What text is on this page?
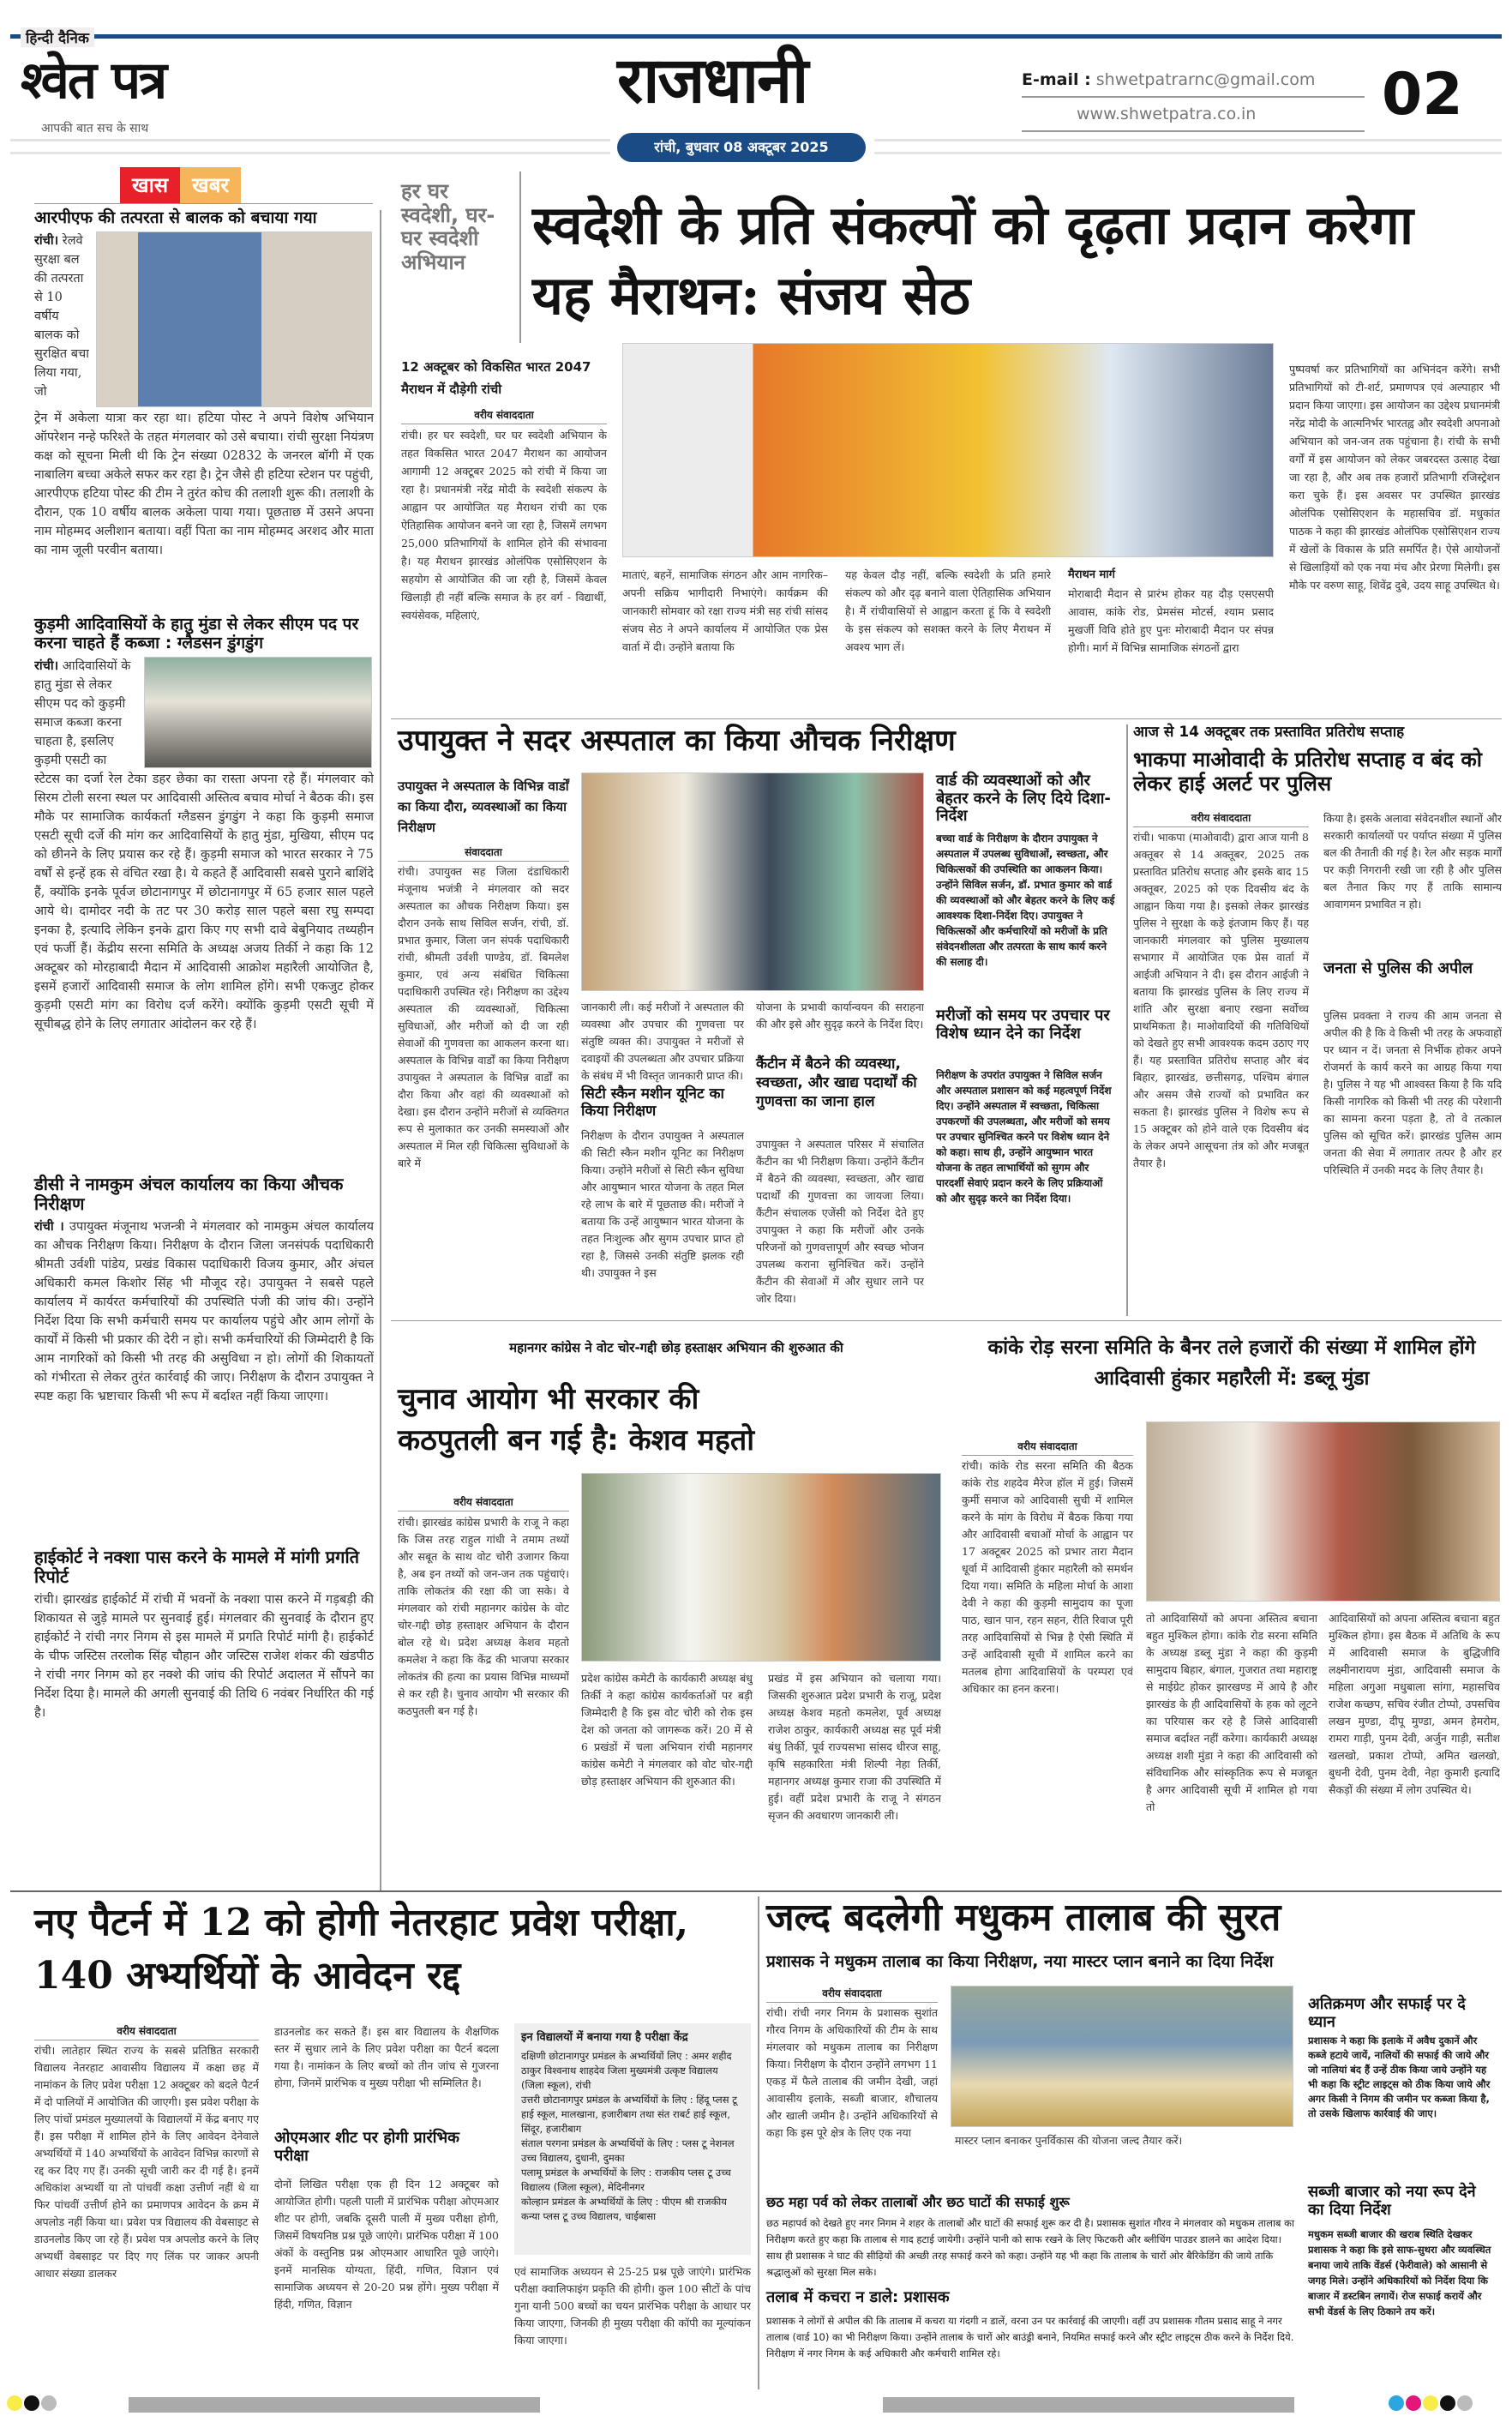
हिन्दी दैनिक
श्वेत पत्र
आपकी बात सच के साथ
राजधानी
रांची, बुधवार 08 अक्टूबर 2025
E-mail : shwetpatrarnc@gmail.com
www.shwetpatra.co.in 02
खास	खबर
आरपीएफ की तत्परता से बालक को बचाया गया
रांची। रेलवे सुरक्षा बल की तत्परता से 10 वर्षीय बालक को सुरक्षित बचा लिया गया, जो
ट्रेन में अकेला यात्रा कर रहा था। हटिया पोस्ट ने अपने विशेष अभियान ऑपरेशन नन्हे फरिश्ते के तहत मंगलवार को उसे बचाया। रांची सुरक्षा नियंत्रण कक्ष को सूचना मिली थी कि ट्रेन संख्या 02832 के जनरल बॉगी में एक नाबालिग बच्चा अकेले सफर कर रहा है। ट्रेन जैसे ही हटिया स्टेशन पर पहुंची, आरपीएफ हटिया पोस्ट की टीम ने तुरंत कोच की तलाशी शुरू की। तलाशी के दौरान, एक 10 वर्षीय बालक अकेला पाया गया। पूछताछ में उसने अपना नाम मोहम्मद अलीशान बताया। वहीं पिता का नाम मोहम्मद अरशद और माता का नाम जूली परवीन बताया।
कुड़मी आदिवासियों के हातु मुंडा से लेकर सीएम पद पर करना चाहते हैं कब्जा : ग्लैडसन डुंगडुंग
रांची। आदिवासियों के हातु मुंडा से लेकर सीएम पद को कुड़मी समाज कब्जा करना चाहता है, इसलिए कुड़मी एसटी का
स्टेटस का दर्जा रेल टेका डहर छेका का रास्ता अपना रहे हैं। मंगलवार को सिरम टोली सरना स्थल पर आदिवासी अस्तित्व बचाव मोर्चा ने बैठक की। इस मौके पर सामाजिक कार्यकर्ता ग्लैडसन डुंगडुंग ने कहा कि कुड़मी समाज एसटी सूची दर्जे की मांग कर आदिवासियों के हातु मुंडा, मुखिया, सीएम पद को छीनने के लिए प्रयास कर रहे हैं। कुड़मी समाज को भारत सरकार ने 75 वर्षों से इन्हें हक से वंचित रखा है। ये कहते हैं आदिवासी सबसे पुराने बाशिंदे हैं, क्योंकि इनके पूर्वज छोटानागपुर में छोटानागपुर में 65 हजार साल पहले आये थे। दामोदर नदी के तट पर 30 करोड़ साल पहले बसा रघु सम्पदा इनका है, इत्यादि लेकिन इनके द्वारा किए गए सभी दावे बेबुनियाद तथ्यहीन एवं फर्जी हैं। केंद्रीय सरना समिति के अध्यक्ष अजय तिर्की ने कहा कि 12 अक्टूबर को मोरहाबादी मैदान में आदिवासी आक्रोश महारैली आयोजित है, इसमें हजारों आदिवासी समाज के लोग शामिल होंगे। सभी एकजुट होकर कुड़मी एसटी मांग का विरोध दर्ज करेंगे। क्योंकि कुड़मी एसटी सूची में सूचीबद्ध होने के लिए लगातार आंदोलन कर रहे हैं।
डीसी ने नामकुम अंचल कार्यालय का किया औचक निरीक्षण
रांची । उपायुक्त मंजूनाथ भजन्त्री ने मंगलवार को नामकुम अंचल कार्यालय का औचक निरीक्षण किया। निरीक्षण के दौरान जिला जनसंपर्क पदाधिकारी श्रीमती उर्वशी पांडेय, प्रखंड विकास पदाधिकारी विजय कुमार, और अंचल अधिकारी कमल किशोर सिंह भी मौजूद रहे। उपायुक्त ने सबसे पहले कार्यालय में कार्यरत कर्मचारियों की उपस्थिति पंजी की जांच की। उन्होंने निर्देश दिया कि सभी कर्मचारी समय पर कार्यालय पहुंचे और आम लोगों के कार्यों में किसी भी प्रकार की देरी न हो। सभी कर्मचारियों की जिम्मेदारी है कि आम नागरिकों को किसी भी तरह की असुविधा न हो। लोगों की शिकायतों को गंभीरता से लेकर तुरंत कार्रवाई की जाए। निरीक्षण के दौरान उपायुक्त ने स्पष्ट कहा कि भ्रष्टाचार किसी भी रूप में बर्दाश्त नहीं किया जाएगा।
हाईकोर्ट ने नक्शा पास करने के मामले में मांगी प्रगति रिपोर्ट
रांची। झारखंड हाईकोर्ट में रांची में भवनों के नक्शा पास करने में गड़बड़ी की शिकायत से जुड़े मामले पर सुनवाई हुई। मंगलवार की सुनवाई के दौरान हुए हाईकोर्ट ने रांची नगर निगम से इस मामले में प्रगति रिपोर्ट मांगी है। हाईकोर्ट के चीफ जस्टिस तरलोक सिंह चौहान और जस्टिस राजेश शंकर की खंडपीठ ने रांची नगर निगम को हर नक्शे की जांच की रिपोर्ट अदालत में सौंपने का निर्देश दिया है। मामले की अगली सुनवाई की तिथि 6 नवंबर निर्धारित की गई है।
हर घर स्वदेशी, घर- घर स्वदेशी अभियान
स्वदेशी के प्रति संकल्पों को दृढ़ता प्रदान करेगा यह मैराथन: संजय सेठ
12 अक्टूबर को विकसित भारत 2047 मैराथन में दौड़ेगी रांची
वरीय संवाददाता
रांची। हर घर स्वदेशी, घर घर स्वदेशी अभियान के तहत विकसित भारत 2047 मैराथन का आयोजन आगामी 12 अक्टूबर 2025 को रांची में किया जा रहा है। प्रधानमंत्री नरेंद्र मोदी के स्वदेशी संकल्प के आह्वान पर आयोजित यह मैराथन रांची का एक ऐतिहासिक आयोजन बनने जा रहा है, जिसमें लगभग 25,000 प्रतिभागियों के शामिल होने की संभावना है। यह मैराथन झारखंड ओलंपिक एसोसिएशन के सहयोग से आयोजित की जा रही है, जिसमें केवल खिलाड़ी ही नहीं बल्कि समाज के हर वर्ग - विद्यार्थी, स्वयंसेवक, महिलाएं,
माताएं, बहनें, सामाजिक संगठन और आम नागरिक–अपनी सक्रिय भागीदारी निभाएंगे। कार्यक्रम की जानकारी सोमवार को रक्षा राज्य मंत्री सह रांची सांसद संजय सेठ ने अपने कार्यालय में आयोजित एक प्रेस वार्ता में दी। उन्होंने बताया कि
यह केवल दौड़ नहीं, बल्कि स्वदेशी के प्रति हमारे संकल्प को और दृढ़ बनाने वाला ऐतिहासिक अभियान है। मैं रांचीवासियों से आह्वान करता हूं कि वे स्वदेशी के इस संकल्प को सशक्त करने के लिए मैराथन में अवश्य भाग लें।
मैराथन मार्ग
मोराबादी मैदान से प्रारंभ होकर यह दौड़ एसएसपी आवास, कांके रोड, प्रेमसंस मोटर्स, श्याम प्रसाद मुखर्जी विवि होते हुए पुनः मोराबादी मैदान पर संपन्न होगी। मार्ग में विभिन्न सामाजिक संगठनों द्वारा
पुष्पवर्षा कर प्रतिभागियों का अभिनंदन करेंगे। सभी प्रतिभागियों को टी-शर्ट, प्रमाणपत्र एवं अल्पाहार भी प्रदान किया जाएगा। इस आयोजन का उद्देश्य प्रधानमंत्री नरेंद्र मोदी के आत्मनिर्भर भारतह्व और स्वदेशी अपनाओ अभियान को जन-जन तक पहुंचाना है। रांची के सभी वर्गों में इस आयोजन को लेकर जबरदस्त उत्साह देखा जा रहा है, और अब तक हजारों प्रतिभागी रजिस्ट्रेशन करा चुके हैं। इस अवसर पर उपस्थित झारखंड ओलंपिक एसोसिएशन के महासचिव डॉ. मधुकांत पाठक ने कहा की झारखंड ओलंपिक एसोसिएशन राज्य में खेलों के विकास के प्रति समर्पित है। ऐसे आयोजनों से खिलाड़ियों को एक नया मंच और प्रेरणा मिलेगी। इस मौके पर वरुण साहू, शिवेंद्र दुबे, उदय साहू उपस्थित थे।
उपायुक्त ने सदर अस्पताल का किया औचक निरीक्षण
उपायुक्त ने अस्पताल के विभिन्न वार्डों का किया दौरा, व्यवस्थाओं का किया निरीक्षण
संवाददाता
रांची। उपायुक्त सह जिला दंडाधिकारी मंजूनाथ भजंत्री ने मंगलवार को सदर अस्पताल का औचक निरीक्षण किया। इस दौरान उनके साथ सिविल सर्जन, रांची, डॉ. प्रभात कुमार, जिला जन संपर्क पदाधिकारी रांची, श्रीमती उर्वशी पाण्डेय, डॉ. बिमलेश कुमार, एवं अन्य संबंधित चिकित्सा पदाधिकारी उपस्थित रहे। निरीक्षण का उद्देश्य अस्पताल की व्यवस्थाओं, चिकित्सा सुविधाओं, और मरीजों को दी जा रही सेवाओं की गुणवत्ता का आकलन करना था। अस्पताल के विभिन्न वार्डों का किया निरीक्षण उपायुक्त ने अस्पताल के विभिन्न वार्डों का दौरा किया और वहां की व्यवस्थाओं को देखा। इस दौरान उन्होंने मरीजों से व्यक्तिगत रूप से मुलाकात कर उनकी समस्याओं और अस्पताल में मिल रही चिकित्सा सुविधाओं के बारे में
जानकारी ली। कई मरीजों ने अस्पताल की व्यवस्था और उपचार की गुणवत्ता पर संतुष्टि व्यक्त की। उपायुक्त ने मरीजों से दवाइयों की उपलब्धता और उपचार प्रक्रिया के संबंध में भी विस्तृत जानकारी प्राप्त की।
सिटी स्कैन मशीन यूनिट का किया निरीक्षण
निरीक्षण के दौरान उपायुक्त ने अस्पताल की सिटी स्कैन मशीन यूनिट का निरीक्षण किया। उन्होंने मरीजों से सिटी स्कैन सुविधा और आयुष्मान भारत योजना के तहत मिल रहे लाभ के बारे में पूछताछ की। मरीजों ने बताया कि उन्हें आयुष्मान भारत योजना के तहत निःशुल्क और सुगम उपचार प्राप्त हो रहा है, जिससे उनकी संतुष्टि झलक रही थी। उपायुक्त ने इस
योजना के प्रभावी कार्यान्वयन की सराहना की और इसे और सुदृढ़ करने के निर्देश दिए।
कैंटीन में बैठने की व्यवस्था, स्वच्छता, और खाद्य पदार्थों की गुणवत्ता का जाना हाल
उपायुक्त ने अस्पताल परिसर में संचालित कैंटीन का भी निरीक्षण किया। उन्होंने कैंटीन में बैठने की व्यवस्था, स्वच्छता, और खाद्य पदार्थों की गुणवत्ता का जायजा लिया। कैंटीन संचालक एजेंसी को निर्देश देते हुए उपायुक्त ने कहा कि मरीजों और उनके परिजनों को गुणवत्तापूर्ण और स्वच्छ भोजन उपलब्ध कराना सुनिश्चित करें। उन्होंने कैंटीन की सेवाओं में और सुधार लाने पर जोर दिया।
वार्ड की व्यवस्थाओं को और बेहतर करने के लिए दिये दिशा-निर्देश
बच्चा वार्ड के निरीक्षण के दौरान उपायुक्त ने अस्पताल में उपलब्ध सुविधाओं, स्वच्छता, और चिकित्सकों की उपस्थिति का आकलन किया। उन्होंने सिविल सर्जन, डॉ. प्रभात कुमार को वार्ड की व्यवस्थाओं को और बेहतर करने के लिए कई आवश्यक दिशा-निर्देश दिए। उपायुक्त ने चिकित्सकों और कर्मचारियों को मरीजों के प्रति संवेदनशीलता और तत्परता के साथ कार्य करने की सलाह दी।
मरीजों को समय पर उपचार पर विशेष ध्यान देने का निर्देश
निरीक्षण के उपरांत उपायुक्त ने सिविल सर्जन और अस्पताल प्रशासन को कई महत्वपूर्ण निर्देश दिए। उन्होंने अस्पताल में स्वच्छता, चिकित्सा उपकरणों की उपलब्धता, और मरीजों को समय पर उपचार सुनिश्चित करने पर विशेष ध्यान देने को कहा। साथ ही, उन्होंने आयुष्मान भारत योजना के तहत लाभार्थियों को सुगम और पारदर्शी सेवाएं प्रदान करने के लिए प्रक्रियाओं को और सुदृढ़ करने का निर्देश दिया।
आज से 14 अक्टूबर तक प्रस्तावित प्रतिरोध सप्ताह
भाकपा माओवादी के प्रतिरोध सप्ताह व बंद को लेकर हाई अलर्ट पर पुलिस
वरीय संवाददाता
रांची। भाकपा (माओवादी) द्वारा आज यानी 8 अक्तूबर से 14 अक्तूबर, 2025 तक प्रस्तावित प्रतिरोध सप्ताह और इसके बाद 15 अक्तूबर, 2025 को एक दिवसीय बंद के आह्वान किया गया है। इसको लेकर झारखंड पुलिस ने सुरक्षा के कड़े इंतजाम किए हैं। यह जानकारी मंगलवार को पुलिस मुख्यालय सभागार में आयोजित एक प्रेस वार्ता में आईजी अभियान ने दी। इस दौरान आईजी ने बताया कि झारखंड पुलिस के लिए राज्य में शांति और सुरक्षा बनाए रखना सर्वोच्च प्राथमिकता है। माओवादियों की गतिविधियों को देखते हुए सभी आवश्यक कदम उठाए गए हैं। यह प्रस्तावित प्रतिरोध सप्ताह और बंद बिहार, झारखंड, छत्तीसगढ़, पश्चिम बंगाल और असम जैसे राज्यों को प्रभावित कर सकता है। झारखंड पुलिस ने विशेष रूप से 15 अक्टूबर को होने वाले एक दिवसीय बंद के लेकर अपने आसूचना तंत्र को और मजबूत तैयार है।
किया है। इसके अलावा संवेदनशील स्थानों और सरकारी कार्यालयों पर पर्याप्त संख्या में पुलिस बल की तैनाती की गई है। रेल और सड़क मार्गों पर कड़ी निगरानी रखी जा रही है और पुलिस बल तैनात किए गए हैं ताकि सामान्य आवागमन प्रभावित न हो।
जनता से पुलिस की अपील
पुलिस प्रवक्ता ने राज्य की आम जनता से अपील की है कि वे किसी भी तरह के अफवाहों पर ध्यान न दें। जनता से निर्भीक होकर अपने रोजमर्रा के कार्य करने का आग्रह किया गया है। पुलिस ने यह भी आश्वस्त किया है कि यदि किसी नागरिक को किसी भी तरह की परेशानी का सामना करना पड़ता है, तो वे तत्काल पुलिस को सूचित करें। झारखंड पुलिस आम जनता की सेवा में लगातार तत्पर है और हर परिस्थिति में उनकी मदद के लिए तैयार है।
महानगर कांग्रेस ने वोट चोर-गद्दी छोड़ हस्ताक्षर अभियान की शुरुआत की
चुनाव आयोग भी सरकार की कठपुतली बन गई है: केशव महतो
वरीय संवाददाता
रांची। झारखंड कांग्रेस प्रभारी के राजू ने कहा कि जिस तरह राहुल गांधी ने तमाम तथ्यों और सबूत के साथ वोट चोरी उजागर किया है, अब इन तथ्यों को जन-जन तक पहुंचाएं। ताकि लोकतंत्र की रक्षा की जा सके। वे मंगलवार को रांची महानगर कांग्रेस के वोट चोर-गद्दी छोड़ हस्ताक्षर अभियान के दौरान बोल रहे थे। प्रदेश अध्यक्ष केशव महतो कमलेश ने कहा कि केंद्र की भाजपा सरकार लोकतंत्र की हत्या का प्रयास विभिन्न माध्यमों से कर रही है। चुनाव आयोग भी सरकार की कठपुतली बन गई है।
प्रदेश कांग्रेस कमेटी के कार्यकारी अध्यक्ष बंधु तिर्की ने कहा कांग्रेस कार्यकर्ताओं पर बड़ी जिम्मेदारी है कि इस वोट चोरी को रोक इस देश को जनता को जागरूक करें। 20 में से 6 प्रखंडों में चला अभियान रांची महानगर कांग्रेस कमेटी ने मंगलवार को वोट चोर-गद्दी छोड़ हस्ताक्षर अभियान की शुरुआत की।
प्रखंड में इस अभियान को चलाया गया। जिसकी शुरुआत प्रदेश प्रभारी के राजू, प्रदेश अध्यक्ष केशव महतो कमलेश, पूर्व अध्यक्ष राजेश ठाकुर, कार्यकारी अध्यक्ष सह पूर्व मंत्री बंधु तिर्की, पूर्व राज्यसभा सांसद धीरज साहू, कृषि सहकारिता मंत्री शिल्पी नेहा तिर्की, महानगर अध्यक्ष कुमार राजा की उपस्थिति में हुई। वहीं प्रदेश प्रभारी के राजू ने संगठन सृजन की अवधारण जानकारी ली।
कांके रोड़ सरना समिति के बैनर तले हजारों की संख्या में शामिल होंगे आदिवासी हुंकार महारैली में: डब्लू मुंडा
वरीय संवाददाता
रांची। कांके रोड सरना समिति की बैठक कांके रोड शहदेव मैरेज हॉल में हुई। जिसमें कुर्मी समाज को आदिवासी सुची में शामिल करने के मांग के विरोध में बैठक किया गया और आदिवासी बचाओं मोर्चा के आह्वान पर 17 अक्टूबर 2025 को प्रभार तारा मैदान धूर्वा में आदिवासी हुंकार महारैली को समर्थन दिया गया। समिति के महिला मोर्चा के आशा देवी ने कहा की कुड़मी सामुदाय का पूजा पाठ, खान पान, रहन सहन, रीति रिवाज पूरी तरह आदिवासियों से भिन्न है ऐसी स्थिति में उन्हें आदिवासी सूची में शामिल करने का मतलब होगा आदिवासियों के परम्परा एवं अधिकार का हनन करना।
तो आदिवासियों को अपना अस्तित्व बचाना बहुत मुश्किल होगा। कांके रोड सरना समिति के अध्यक्ष डब्लू मुंडा ने कहा की कुड़मी सामुदाय बिहार, बंगाल, गुजरात तथा महाराष्ट्र से माईग्रेट होकर झारखण्ड में आये है और झारखंड के ही आदिवासियों के हक को लूटने का परियास कर रहे है जिसे आदिवासी समाज बर्दाश्त नहीं करेगा। कार्यकारी अध्यक्ष अध्यक्ष शशी मुंडा ने कहा की आदिवासी को संविधानिक और सांस्कृतिक रूप से मजबूत है अगर आदिवासी सूची में शामिल हो गया तो
आदिवासियों को अपना अस्तित्व बचाना बहुत मुश्किल होगा। इस बैठक में अतिथि के रूप में आदिवासी समाज के बुद्धिजीवि लक्ष्मीनारायण मुंडा, आदिवासी समाज के महिला अगुआ मधुबाला सांगा, महासचिव राजेश कच्छप, सचिव रंजीत टोप्पो, उपसचिव लखन मुण्डा, दीपू मुण्डा, अमन हेमरोम, रामरा गाड़ी, पुनम देवी, अर्जुन गाड़ी, सतीश खलखो, प्रकाश टोप्पो, अमित खलखो, बुधनी देवी, पुनम देवी, नेहा कुमारी इत्यादि सैकड़ों की संख्या में लोग उपस्थित थे।
नए पैटर्न में 12 को होगी नेतरहाट प्रवेश परीक्षा, 140 अभ्यर्थियों के आवेदन रद्द
वरीय संवाददाता
रांची। लातेहार स्थित राज्य के सबसे प्रतिष्ठित सरकारी विद्यालय नेतरहाट आवासीय विद्यालय में कक्षा छह में नामांकन के लिए प्रवेश परीक्षा 12 अक्टूबर को बदले पैटर्न में दो पालियों में आयोजित की जाएगी। इस प्रवेश परीक्षा के लिए पांचों प्रमंडल मुख्यालयों के विद्यालयों में केंद्र बनाए गए हैं। इस परीक्षा में शामिल होने के लिए आवेदन देनेवाले अभ्यर्थियों में 140 अभ्यर्थियों के आवेदन विभिन्न कारणों से रद्द कर दिए गए हैं। उनकी सूची जारी कर दी गई है। इनमें अधिकांश अभ्यर्थी या तो पांचवीं कक्षा उत्तीर्ण नहीं थे या फिर पांचवीं उत्तीर्ण होने का प्रमाणपत्र आवेदन के क्रम में अपलोड नहीं किया था। प्रवेश पत्र विद्यालय की वेबसाइट से डाउनलोड किए जा रहे हैं। प्रवेश पत्र अपलोड करने के लिए अभ्यर्थी वेबसाइट पर दिए गए लिंक पर जाकर अपनी आधार संख्या डालकर
डाउनलोड कर सकते हैं। इस बार विद्यालय के शैक्षणिक स्तर में सुधार लाने के लिए प्रवेश परीक्षा का पैटर्न बदला गया है। नामांकन के लिए बच्चों को तीन जांच से गुजरना होगा, जिनमें प्रारंभिक व मुख्य परीक्षा भी सम्मिलित है।
ओएमआर शीट पर होगी प्रारंभिक परीक्षा
दोनों लिखित परीक्षा एक ही दिन 12 अक्टूबर को आयोजित होगी। पहली पाली में प्रारंभिक परीक्षा ओएमआर शीट पर होगी, जबकि दूसरी पाली में मुख्य परीक्षा होगी, जिसमें विषयनिष्ठ प्रश्न पूछे जाएंगे। प्रारंभिक परीक्षा में 100 अंकों के वस्तुनिष्ठ प्रश्न ओएमआर आधारित पूछे जाएंगे। इनमें मानसिक योग्यता, हिंदी, गणित, विज्ञान एवं सामाजिक अध्ययन से 20-20 प्रश्न होंगे। मुख्य परीक्षा में हिंदी, गणित, विज्ञान
इन विद्यालयों में बनाया गया है परीक्षा केंद्र
दक्षिणी छोटानागपुर प्रमंडल के अभ्यर्थियों लिए : अमर शहीद ठाकुर विश्वनाथ शाहदेव जिला मुख्यमंत्री उत्कृष्ट विद्यालय (जिला स्कूल), रांची
उत्तरी छोटानागपुर प्रमंडल के अभ्यर्थियों के लिए : हिंदू प्लस टू हाई स्कूल, मालखाना, हजारीबाग तथा संत राबर्ट हाई स्कूल, सिंदूर, हजारीबाग
संताल परगना प्रमंडल के अभ्यर्थियों के लिए : प्लस टू नेशनल उच्च विद्यालय, दुधानी, दुमका
पलामू प्रमंडल के अभ्यर्थियों के लिए : राजकीय प्लस टू उच्च विद्यालय (जिला स्कूल), मेदिनीनगर
कोल्हान प्रमंडल के अभ्यर्थियों के लिए : पीएम श्री राजकीय कन्या प्लस टू उच्च विद्यालय, चाईबासा
एवं सामाजिक अध्ययन से 25-25 प्रश्न पूछे जाएंगे। प्रारंभिक परीक्षा क्वालिफाइंग प्रकृति की होगी। कुल 100 सीटों के पांच गुना यानी 500 बच्चों का चयन प्रारंभिक परीक्षा के आधार पर किया जाएगा, जिनकी ही मुख्य परीक्षा की कॉपी का मूल्यांकन किया जाएगा।
जल्द बदलेगी मधुकम तालाब की सुरत
प्रशासक ने मधुकम तालाब का किया निरीक्षण, नया मास्टर प्लान बनाने का दिया निर्देश
वरीय संवाददाता
रांची। रांची नगर निगम के प्रशासक सुशांत गौरव निगम के अधिकारियों की टीम के साथ मंगलवार को मधुकम तालाब का निरीक्षण किया। निरीक्षण के दौरान उन्होंने लगभग 11 एकड़ में फैले तालाब की जमीन देखी, जहां आवासीय इलाके, सब्जी बाजार, शौचालय और खाली जमीन है। उन्होंने अधिकारियों से कहा कि इस पूरे क्षेत्र के लिए एक नया
मास्टर प्लान बनाकर पुनर्विकास की योजना जल्द तैयार करें।
अतिक्रमण और सफाई पर दे ध्यान
प्रशासक ने कहा कि इलाके में अवैध दुकानें और कब्जे हटाये जायें, नालियों की सफाई की जाये और जो नालियां बंद हैं उन्हें ठीक किया जाये उन्होंने यह भी कहा कि स्ट्रीट लाइट्स को ठीक किया जाये और अगर किसी ने निगम की जमीन पर कब्जा किया है, तो उसके खिलाफ कार्रवाई की जाए।
छठ महा पर्व को लेकर तालाबों और छठ घाटों की सफाई शुरू
छठ महापर्व को देखते हुए नगर निगम ने शहर के तालाबों और घाटों की सफाई शुरू कर दी है। प्रशासक सुशांत गौरव ने मंगलवार को मधुकम तालाब का निरीक्षण करते हुए कहा कि तालाब से गाद हटाई जायेगी। उन्होंने पानी को साफ रखने के लिए फिटकरी और ब्लीचिंग पाउडर डालने का आदेश दिया। साथ ही प्रशासक ने घाट की सीढ़ियों की अच्छी तरह सफाई करने को कहा। उन्होंने यह भी कहा कि तालाब के चारों ओर बैरिकेडिंग की जाये ताकि श्रद्धालुओं को सुरक्षा मिल सके।
तलाब में कचरा न डाले: प्रशासक
प्रशासक ने लोगों से अपील की कि तालाब में कचरा या गंदगी न डालें, वरना उन पर कार्रवाई की जाएगी। वहीं उप प्रशासक गौतम प्रसाद साहू ने नगर तालाब (वार्ड 10) का भी निरीक्षण किया। उन्होंने तालाब के चारों ओर बाउंड्री बनाने, नियमित सफाई करने और स्ट्रीट लाइट्स ठीक करने के निर्देश दिये. निरीक्षण में नगर निगम के कई अधिकारी और कर्मचारी शामिल रहे।
सब्जी बाजार को नया रूप देने का दिया निर्देश
मधुकम सब्जी बाजार की खराब स्थिति देखकर प्रशासक ने कहा कि इसे साफ-सुथरा और व्यवस्थित बनाया जाये ताकि वेंडर्स (फेरीवाले) को आसानी से जगह मिले। उन्होंने अधिकारियों को निर्देश दिया कि बाजार में डस्टबिन लगायें। रोज सफाई करायें और सभी वेंडर्स के लिए ठिकाने तय करें।
